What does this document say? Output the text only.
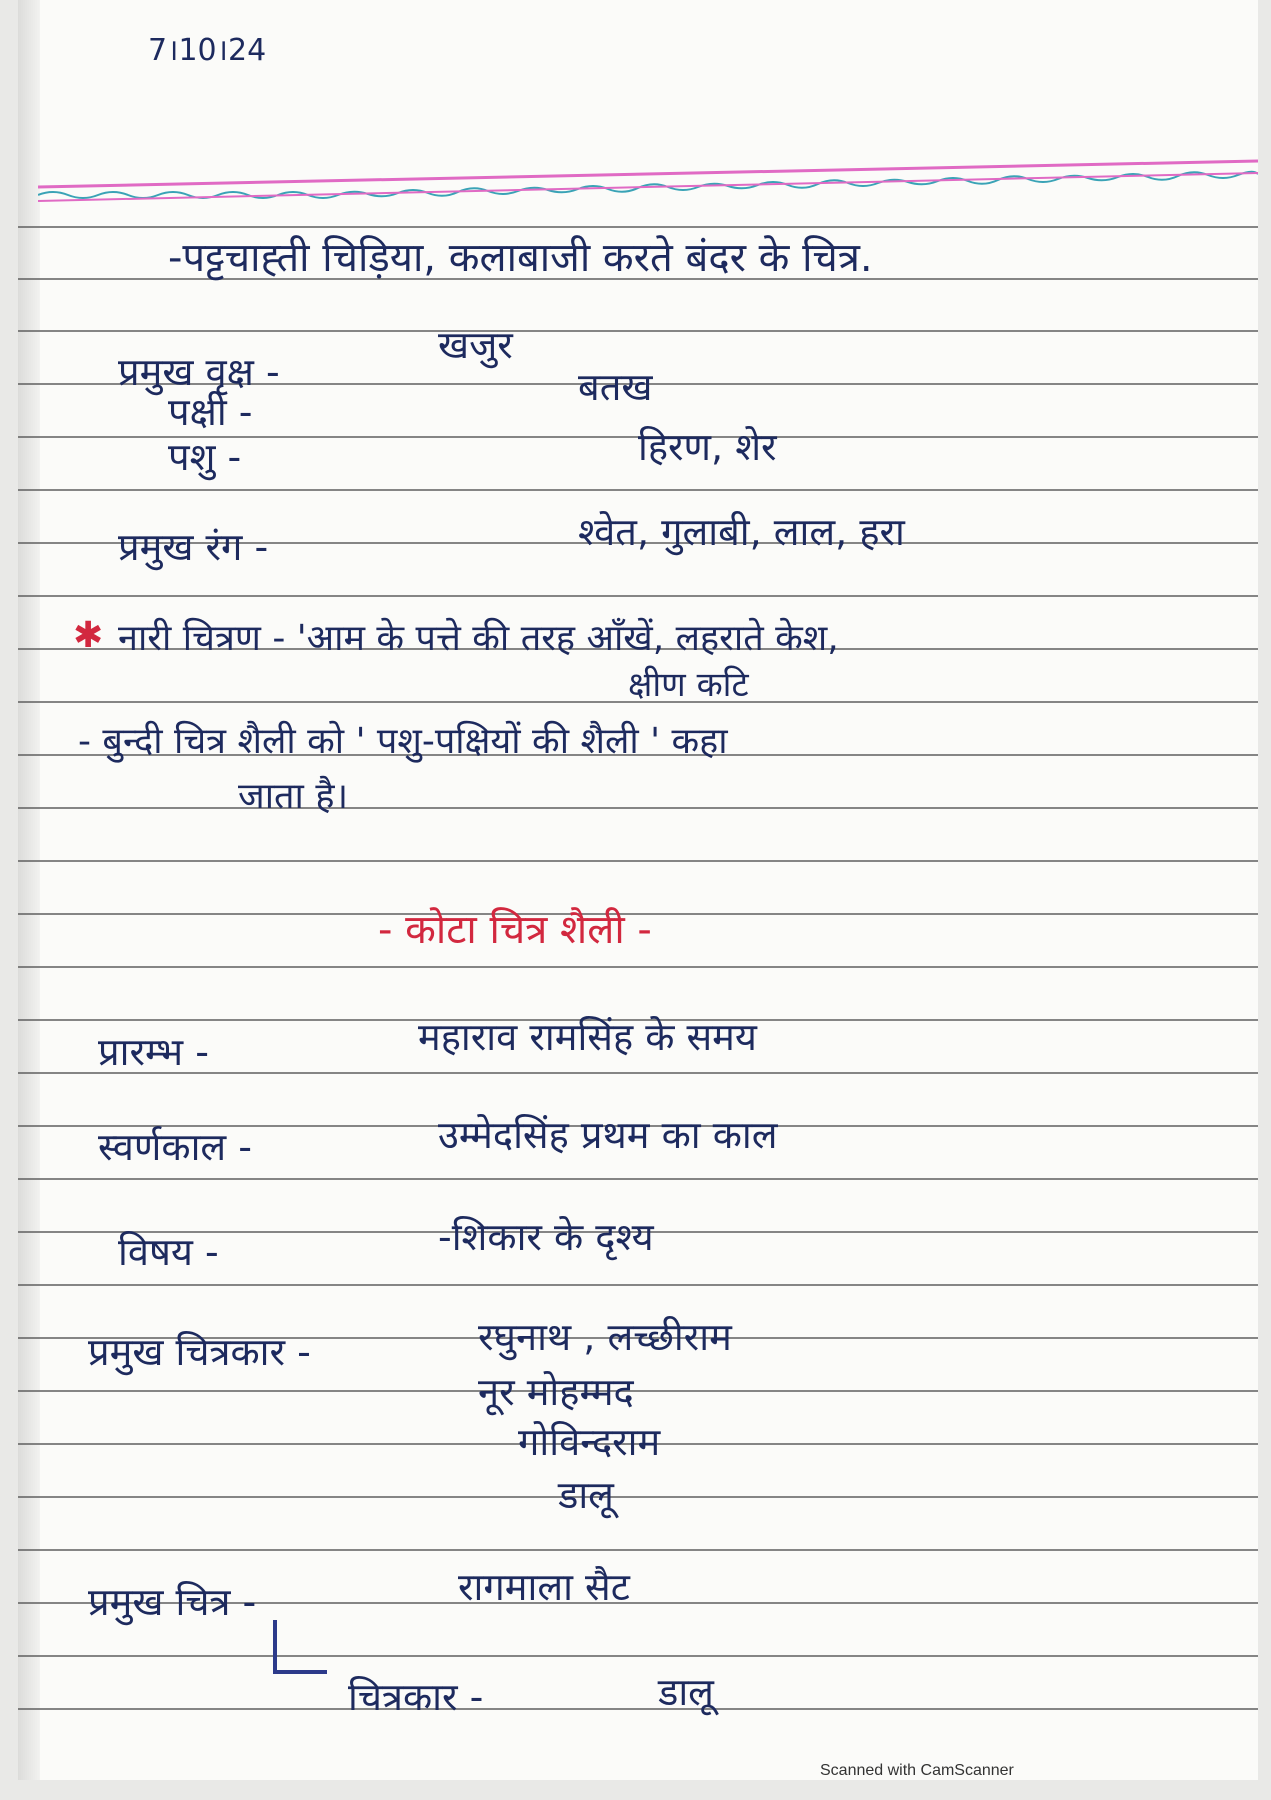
7।10।24
-पट्टचाह्ती चिड़िया, कलाबाजी करते बंदर के चित्र.
प्रमुख वृक्ष -
खजुर
पक्षी -
बतख
पशु -	हिरण, शेर
प्रमुख रंग -	श्वेत, गुलाबी, लाल, हरा
✱ नारी चित्रण - 'आम के पत्ते की तरह आँखें, लहराते केश,
क्षीण कटि
- बुन्दी चित्र शैली को ' पशु-पक्षियों की शैली ' कहा
जाता है।
- कोटा चित्र शैली -
प्रारम्भ -	महाराव रामसिंह के समय
स्वर्णकाल -	उम्मेदसिंह प्रथम का काल
विषय -	-शिकार के दृश्य
प्रमुख चित्रकार -	रघुनाथ , लच्छीराम
नूर मोहम्मद
गोविन्दराम
डालू
प्रमुख चित्र -	रागमाला सैट
चित्रकार -	डालू
Scanned with CamScanner
